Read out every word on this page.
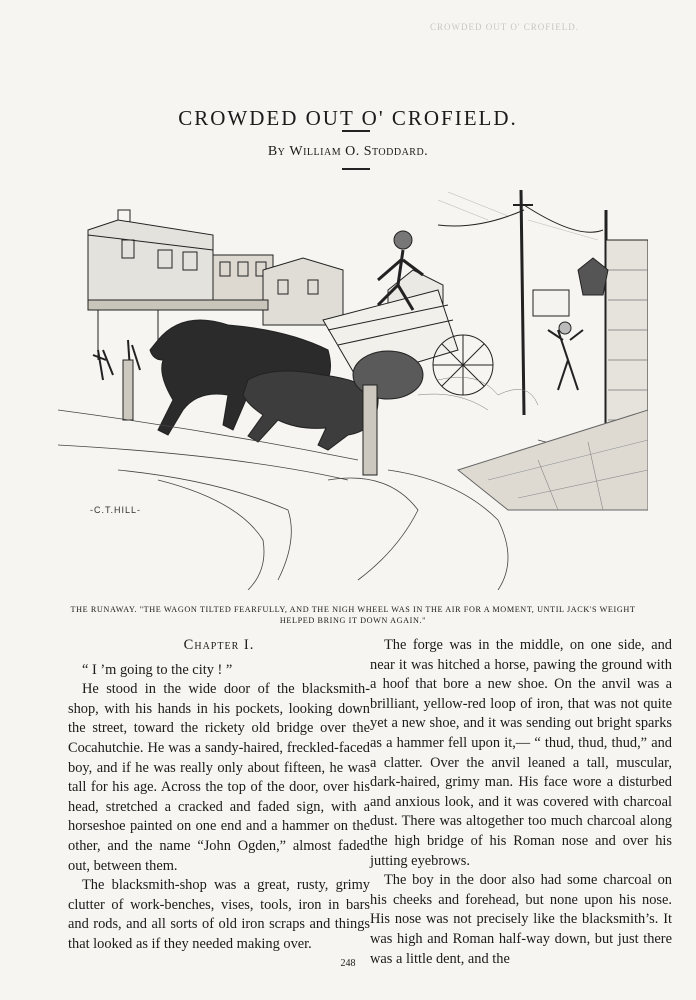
CROWDED OUT O' CROFIELD.
CROWDED OUT O' CROFIELD.
By William O. Stoddard.
-C.T.HILL-
THE RUNAWAY. "THE WAGON TILTED FEARFULLY, AND THE NIGH WHEEL WAS IN THE AIR FOR A MOMENT, UNTIL JACK'S WEIGHT HELPED BRING IT DOWN AGAIN."

Chapter I.

“ I ’m going to the city ! ”

He stood in the wide door of the blacksmith-shop, with his hands in his pockets, looking down the street, toward the rickety old bridge over the Cocahutchie. He was a sandy-haired, freckled-faced boy, and if he was really only about fifteen, he was tall for his age. Across the top of the door, over his head, stretched a cracked and faded sign, with a horseshoe painted on one end and a hammer on the other, and the name “John Ogden,” almost faded out, between them.

The blacksmith-shop was a great, rusty, grimy clutter of work-benches, vises, tools, iron in bars and rods, and all sorts of old iron scraps and things that looked as if they needed making over.

The forge was in the middle, on one side, and near it was hitched a horse, pawing the ground with a hoof that bore a new shoe. On the anvil was a brilliant, yellow-red loop of iron, that was not quite yet a new shoe, and it was sending out bright sparks as a hammer fell upon it,— “ thud, thud, thud,” and a clatter. Over the anvil leaned a tall, muscular, dark-haired, grimy man. His face wore a disturbed and anxious look, and it was covered with charcoal dust. There was altogether too much charcoal along the high bridge of his Roman nose and over his jutting eyebrows.

The boy in the door also had some charcoal on his cheeks and forehead, but none upon his nose. His nose was not precisely like the blacksmith’s. It was high and Roman half-way down, but just there was a little dent, and the

248
